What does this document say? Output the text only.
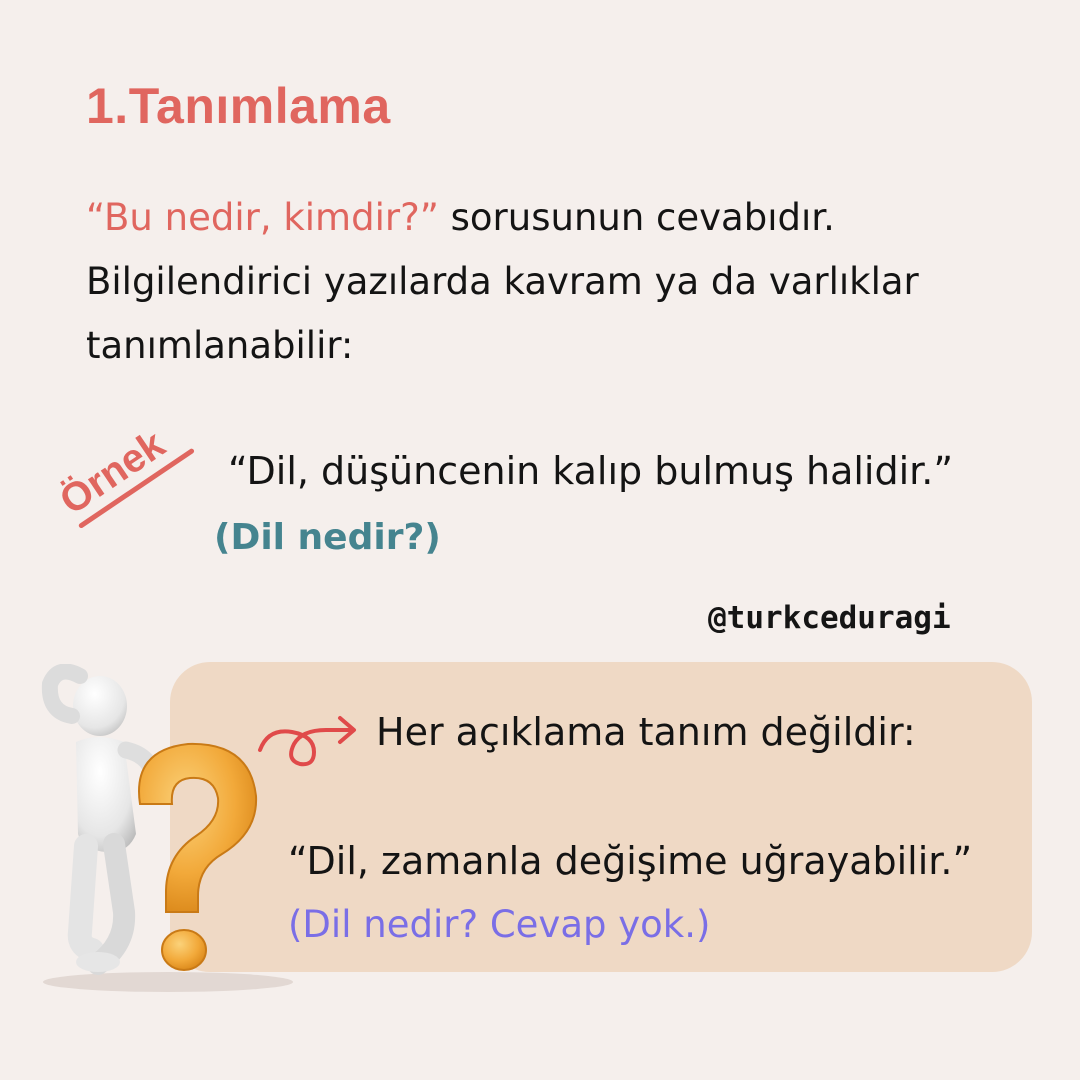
1.Tanımlama
“Bu nedir, kimdir?” sorusunun cevabıdır. Bilgilendirici yazılarda kavram ya da varlıklar tanımlanabilir:
Örnek	“Dil, düşüncenin kalıp bulmuş halidir.”
(Dil nedir?)
@turkceduragi
Her açıklama tanım değildir:
“Dil, zamanla değişime uğrayabilir.”
(Dil nedir? Cevap yok.)
